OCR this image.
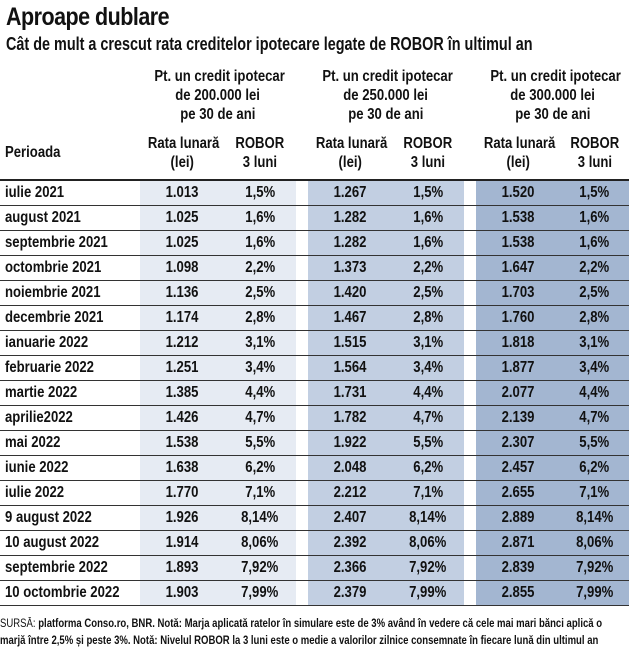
Aproape dublare
Cât de mult a crescut rata creditelor ipotecare legate de ROBOR în ultimul an
	Pt. un credit ipotecar
de 200.000 lei
pe 30 de ani			Pt. un credit ipotecar
de 250.000 lei
pe 30 de ani			Pt. un credit ipotecar
de 300.000 lei
pe 30 de ani	
Perioada	Rata lunară
(lei)	ROBOR
3 luni		Rata lunară
(lei)	ROBOR
3 luni		Rata lunară
(lei)	ROBOR
3 luni
iulie 2021	1.013	1,5%		1.267	1,5%		1.520	1,5%
august 2021	1.025	1,6%		1.282	1,6%		1.538	1,6%
septembrie 2021	1.025	1,6%		1.282	1,6%		1.538	1,6%
octombrie 2021	1.098	2,2%		1.373	2,2%		1.647	2,2%
noiembrie 2021	1.136	2,5%		1.420	2,5%		1.703	2,5%
decembrie 2021	1.174	2,8%		1.467	2,8%		1.760	2,8%
ianuarie 2022	1.212	3,1%		1.515	3,1%		1.818	3,1%
februarie 2022	1.251	3,4%		1.564	3,4%		1.877	3,4%
martie 2022	1.385	4,4%		1.731	4,4%		2.077	4,4%
aprilie2022	1.426	4,7%		1.782	4,7%		2.139	4,7%
mai 2022	1.538	5,5%		1.922	5,5%		2.307	5,5%
iunie 2022	1.638	6,2%		2.048	6,2%		2.457	6,2%
iulie 2022	1.770	7,1%		2.212	7,1%		2.655	7,1%
9 august 2022	1.926	8,14%		2.407	8,14%		2.889	8,14%
10 august 2022	1.914	8,06%		2.392	8,06%		2.871	8,06%
septembrie 2022	1.893	7,92%		2.366	7,92%		2.839	7,92%
10 octombrie 2022	1.903	7,99%		2.379	7,99%		2.855	7,99%
SURSĂ: platforma Conso.ro, BNR. Notă: Marja aplicată ratelor în simulare este de 3% având în vedere că cele mai mari bănci aplică o
marjă între 2,5% și peste 3%. Notă: Nivelul ROBOR la 3 luni este o medie a valorilor zilnice consemnate în fiecare lună din ultimul an
